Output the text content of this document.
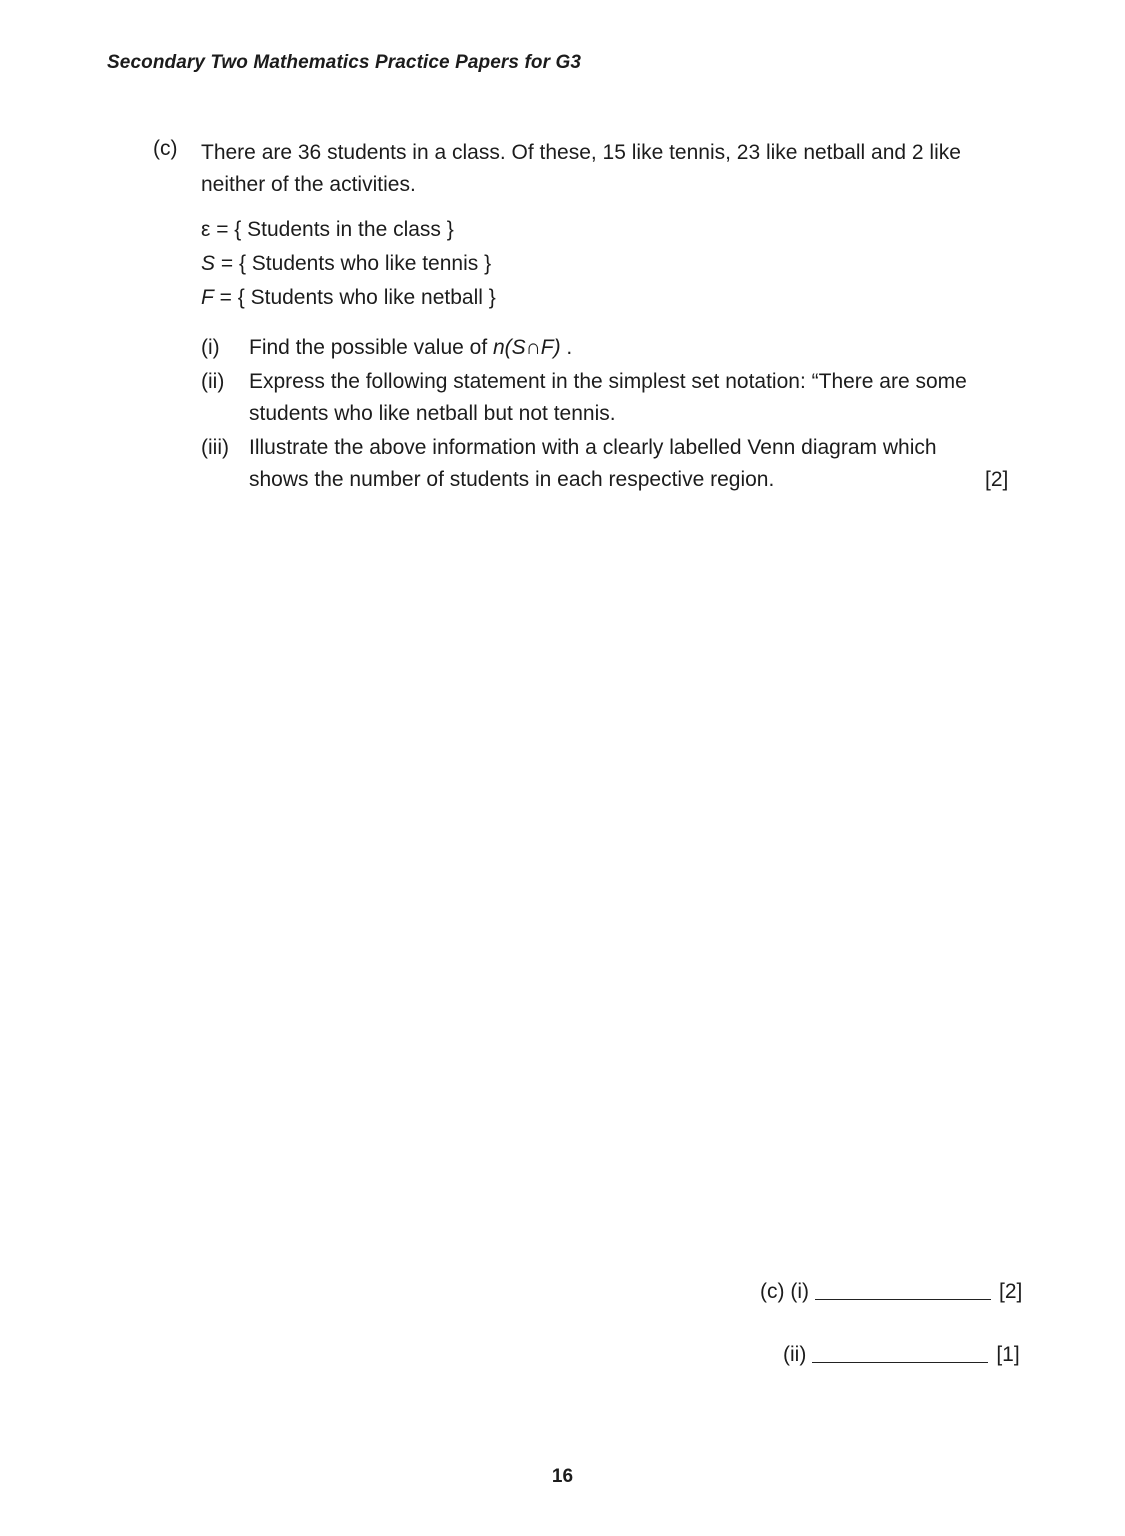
Secondary Two Mathematics Practice Papers for G3
(c) There are 36 students in a class. Of these, 15 like tennis, 23 like netball and 2 like neither of the activities.
ε = { Students in the class }
S = { Students who like tennis }
F = { Students who like netball }
(i) Find the possible value of n(S∩F) .
(ii) Express the following statement in the simplest set notation: “There are some students who like netball but not tennis.
(iii) Illustrate the above information with a clearly labelled Venn diagram which shows the number of students in each respective region.	[2]
(c) (i)	[2]
(ii)	[1]
16
